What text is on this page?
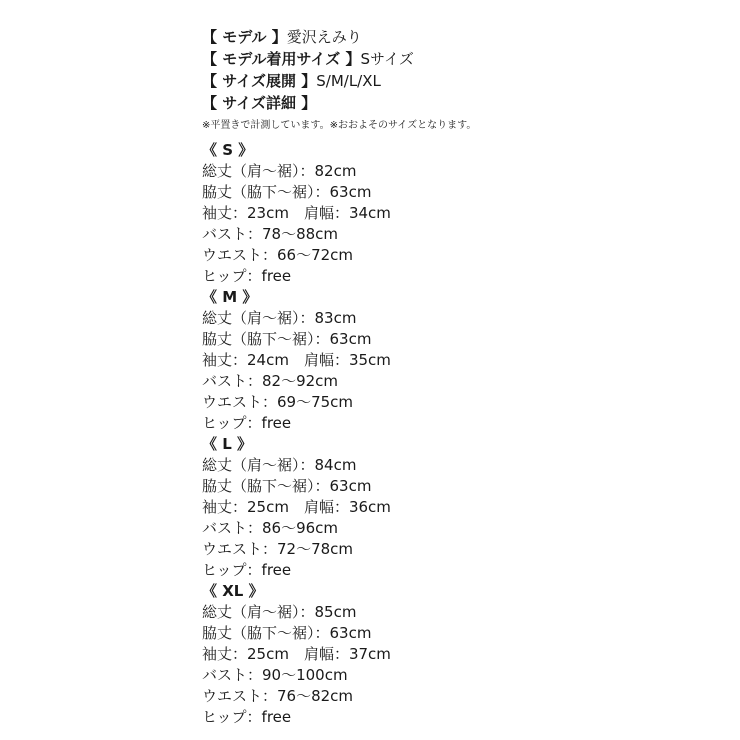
【 モデル 】愛沢えみり
【 モデル着用サイズ 】Sサイズ
【 サイズ展開 】S/M/L/XL
【 サイズ詳細 】
※平置きで計測しています。※おおよそのサイズとなります。
《 S 》
総丈（肩〜裾）：82cm
脇丈（脇下〜裾）：63cm
袖丈：23cm　肩幅：34cm
バスト：78〜88cm
ウエスト：66〜72cm
ヒップ：free
《 M 》
総丈（肩〜裾）：83cm
脇丈（脇下〜裾）：63cm
袖丈：24cm　肩幅：35cm
バスト：82〜92cm
ウエスト：69〜75cm
ヒップ：free
《 L 》
総丈（肩〜裾）：84cm
脇丈（脇下〜裾）：63cm
袖丈：25cm　肩幅：36cm
バスト：86〜96cm
ウエスト：72〜78cm
ヒップ：free
《 XL 》
総丈（肩〜裾）：85cm
脇丈（脇下〜裾）：63cm
袖丈：25cm　肩幅：37cm
バスト：90〜100cm
ウエスト：76〜82cm
ヒップ：free
